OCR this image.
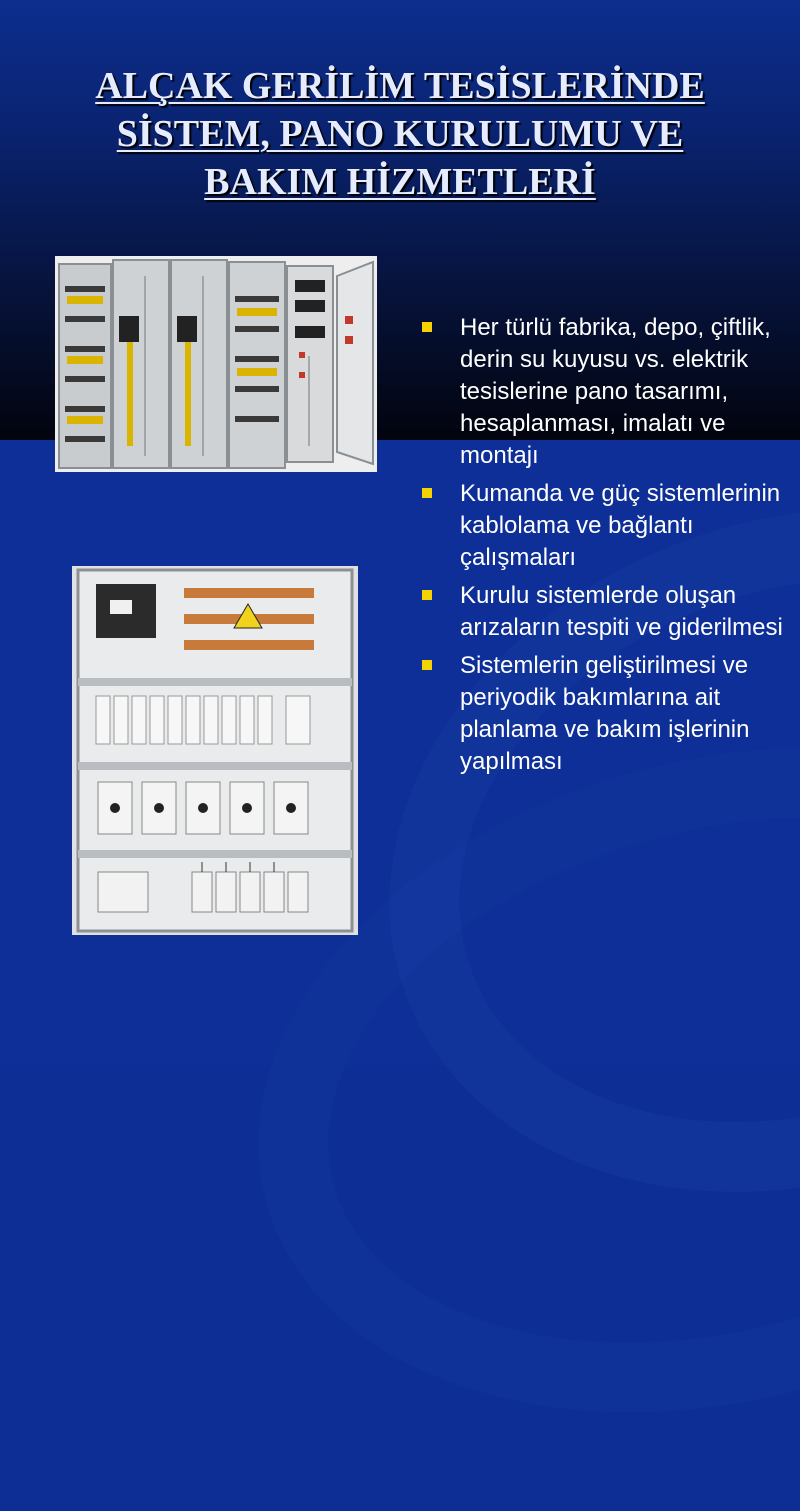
ALÇAK GERİLİM TESİSLERİNDE
SİSTEM, PANO KURULUMU VE
BAKIM HİZMETLERİ
Her türlü fabrika, depo, çiftlik, derin su kuyusu vs. elektrik tesislerine pano tasarımı, hesaplanması, imalatı ve montajı
Kumanda ve güç sistemlerinin kablolama ve bağlantı çalışmaları
Kurulu sistemlerde oluşan arızaların tespiti ve giderilmesi
Sistemlerin geliştirilmesi ve periyodik bakımlarına ait planlama ve bakım işlerinin yapılması
